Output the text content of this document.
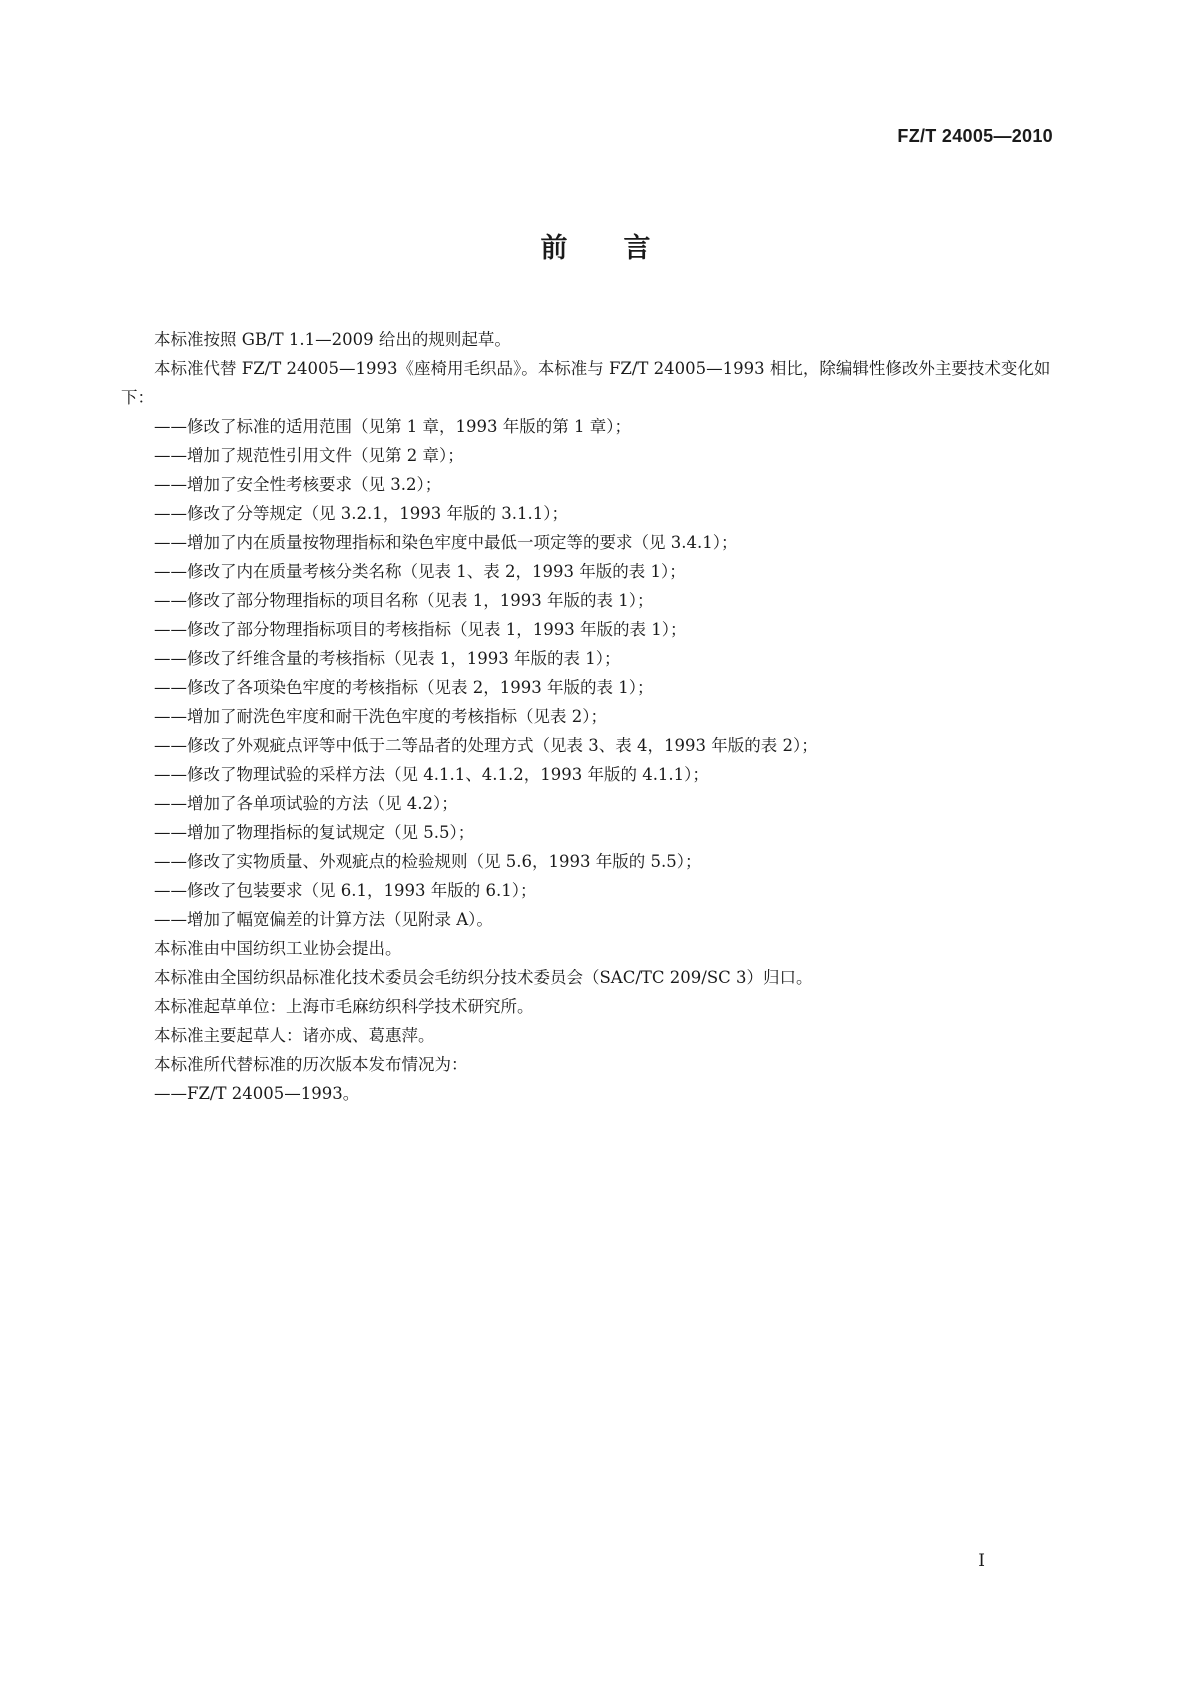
FZ/T 24005—2010
前言

本标准按照 GB/T 1.1—2009 给出的规则起草。

本标准代替 FZ/T 24005—1993《座椅用毛织品》。本标准与 FZ/T 24005—1993 相比，除编辑性修改外主要技术变化如下：

——修改了标准的适用范围（见第 1 章，1993 年版的第 1 章）；

——增加了规范性引用文件（见第 2 章）；

——增加了安全性考核要求（见 3.2）；

——修改了分等规定（见 3.2.1，1993 年版的 3.1.1）；

——增加了内在质量按物理指标和染色牢度中最低一项定等的要求（见 3.4.1）；

——修改了内在质量考核分类名称（见表 1、表 2，1993 年版的表 1）；

——修改了部分物理指标的项目名称（见表 1，1993 年版的表 1）；

——修改了部分物理指标项目的考核指标（见表 1，1993 年版的表 1）；

——修改了纤维含量的考核指标（见表 1，1993 年版的表 1）；

——修改了各项染色牢度的考核指标（见表 2，1993 年版的表 1）；

——增加了耐洗色牢度和耐干洗色牢度的考核指标（见表 2）；

——修改了外观疵点评等中低于二等品者的处理方式（见表 3、表 4，1993 年版的表 2）；

——修改了物理试验的采样方法（见 4.1.1、4.1.2，1993 年版的 4.1.1）；

——增加了各单项试验的方法（见 4.2）；

——增加了物理指标的复试规定（见 5.5）；

——修改了实物质量、外观疵点的检验规则（见 5.6，1993 年版的 5.5）；

——修改了包装要求（见 6.1，1993 年版的 6.1）；

——增加了幅宽偏差的计算方法（见附录 A）。

本标准由中国纺织工业协会提出。

本标准由全国纺织品标准化技术委员会毛纺织分技术委员会（SAC/TC 209/SC 3）归口。

本标准起草单位：上海市毛麻纺织科学技术研究所。

本标准主要起草人：诸亦成、葛惠萍。

本标准所代替标准的历次版本发布情况为：

——FZ/T 24005—1993。

I
